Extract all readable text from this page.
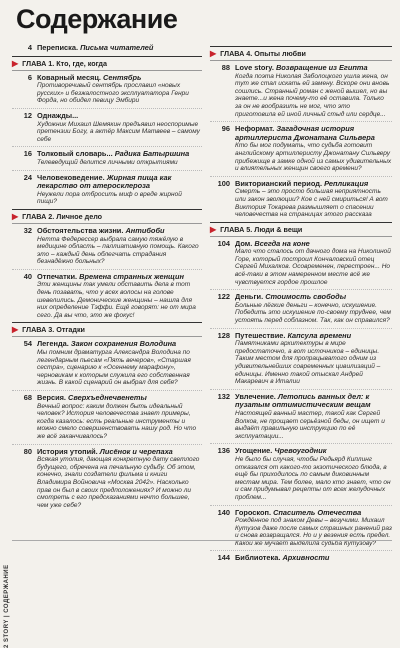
Содержание
2 STORY | СОДЕРЖАНИЕ
4 Переписка. Письма читателей
▶ ГЛАВА 1. Кто, где, когда
6 Коварный месяц. Сентябрь
Противоречивый сентябрь прославил «новых русских» и безжалостного эксплуататора Генри Форда, но обидел певицу Эмбири
12 Однажды...
Художник Михаил Шемякин предъявил неоспоримые претензии Богу, а актёр Максим Матвеев – самому себе
16 Толковый словарь... Радика Батыршина
Телеведущий делится личными открытиями
24 Человековедение. Жирная пища как лекарство от атеросклероза
Неужели пора отбросить миф о вреде жирной пищи?
▶ ГЛАВА 2. Личное дело
32 Обстоятельства жизни. Антибоби
Нетта Федерессер выбрала самую тяжёлую в медицине область – паллиативную помощь. Какого это – каждый день облегчать страдания безнадёжно больных?
40 Отпечатки. Времена странных женщин
Эти женщины так умели обставить дела в тот день позавать, что у всех волосы на голове шевелились. Демонические женщины – нашла для них определение Тэффи. Ещё говорят: не от мира сего. Да вы что, это же фокус!
▶ ГЛАВА 3. Отгадки
54 Легенда. Закон сохранения Володина
Мы помним драматурга Александра Володина по легендарным пьесам «Пять вечеров», «Старшая сестра», сценарию к «Осеннему марафону», черновикам к которым служила его собственная жизнь. В какой сценарий он выбрал для себя?
68 Версия. Сверхъеднечвенеты
Вечный вопрос: каким должен быть идеальный человек? История человечества знает примеры, когда казалось: есть реальные инструменты и можно смело совершенствовать нашу род. Но что же всё заканчивалось?
80 История утопий. Лисёнок и черепаха
Всякая утопия, дающая конкретную дату светлого будущего, обречена на печальную судьбу. Об этом, конечно, знали создатели фильма и книги Владимира Войновича «Москва 2042». Насколько прав он был в своих предположениях? И можно ли смотреть с его предсказаниями нечто большее, чем уже себе?
▶ ГЛАВА 4. Опыты любви
88 Love story. Возвращение из Египта
Когда поэта Николая Заболоцкого ушла жена, он тут же стал искать ей замену. Вскоре они вновь сошлись. Странный роман с женой вышел, но вы знаете...и жена почему-то её оставила. Только за он не вообразить не мог, что это приготовила ей иной личный стыд или сердце...
96 Неформат. Загадочная история артиллериста Джонатана Сильвера
Кто бы мог подумать, что судьба готовит английскому артиллеристу Джонатану Сильверу прибежище в замке одной из самых удивительных и влиятельных женщин своего времени?
100 Викторианский период. Репликация
Смерть – это просто большая неприятность или закон эволюции? Кое с ней смириться! А вот Виктория Токарева размышляет о спасении человечества на страницах этого рассказа
▶ ГЛАВА 5. Люди & вещи
104 Дом. Всегда на коне
Мало что сталось от дачного дома на Николиной Горе, который построил Кончаловский отец Сергей Михалков. Осовременен, перестроен... Но всё-таки в этом намеренном месте всё же чувствуется гордое прошлое
122 Деньги. Стоимость свободы
Больные лёгкие деньги – конечно, искушение. Победить это искушение по-своему труднее, чем устоять перед соблазном. Так, как он справился?
128 Путешествие. Капсула времени
Памятниками архитектуры в мире предостаточно, а вот источников – единицы. Таким местом для пропрацыватого одним из удивительнейших современных цивилизаций – единицы. Именно такой отыскал Андрей Макаревич в Италии
132 Увлечение. Летопись ванных дел: к пузатым оптимистическим вещам
Настоящей ванный мастер, такой как Сергей Волков, не прощает серьёзной беды, он ищет и выдаёт правильную инструкцию по её эксплуатации...
136 Угощение. Чревоугодник
Не было бы случая, чтобы Редьярд Киплинг отказался от какого-то экзотического блюда, в ещё бы приходилось по самым диковинным местам мира. Тем более, мало кто знает, что он и сам придумывал рецепты от всех желудочных проблем...
140 Гороскоп. Спаситель Отечества
Рождённое под знаком Девы – везучими. Михаил Кутузов даже после самых страшных ранений раз и снова возвращался. Но и у везения есть предел. Какой же мучает выделила судьба Кутузову?
144 Библиотека. Архивности
